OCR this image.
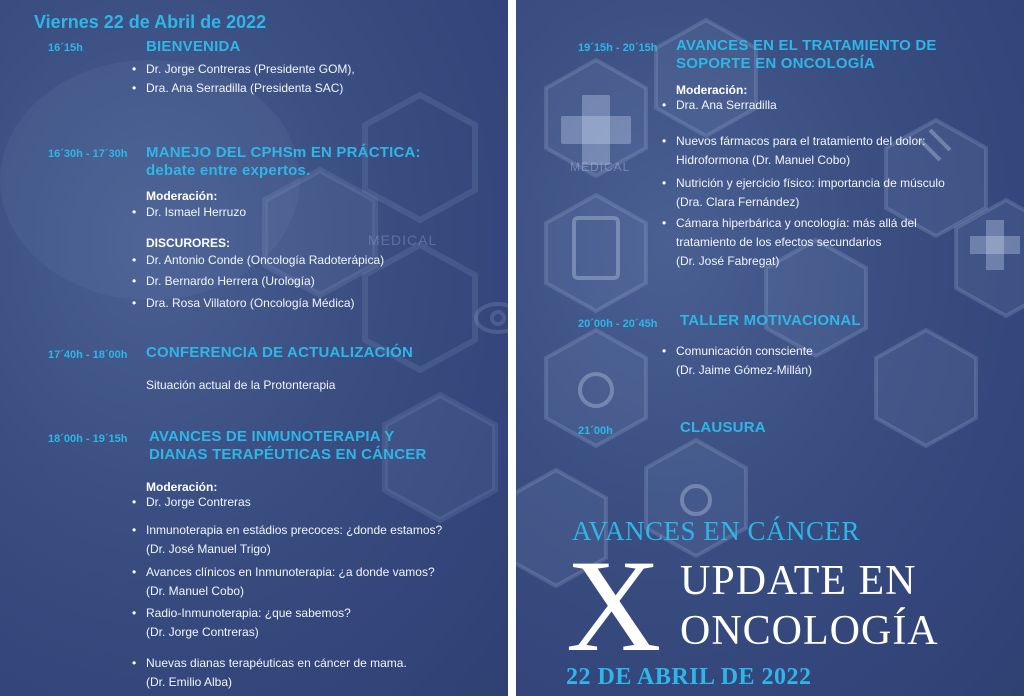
MEDICAL
Viernes 22 de Abril de 2022
16´15h	BIENVENIDA
• Dr. Jorge Contreras (Presidente GOM),
• Dra. Ana Serradilla (Presidenta SAC)
16´30h - 17´30h MANEJO DEL CPHSm EN PRÁCTICA:
debate entre expertos.
Moderación:
• Dr. Ismael Herruzo
DISCURORES:
• Dr. Antonio Conde (Oncología Radoterápica)
• Dr. Bernardo Herrera (Urología)
• Dra. Rosa Villatoro (Oncología Médica)
17´40h - 18´00h CONFERENCIA DE ACTUALIZACIÓN
Situación actual de la Protonterapia
18´00h - 19´15h AVANCES DE INMUNOTERAPIA Y
DIANAS TERAPÉUTICAS EN CÁNCER
Moderación:
• Dr. Jorge Contreras
• Inmunoterapia en estádios precoces: ¿donde estamos?
(Dr. José Manuel Trigo)
• Avances clínicos en Inmunoterapia: ¿a donde vamos?
(Dr. Manuel Cobo)
• Radio-Inmunoterapia: ¿que sabemos?
(Dr. Jorge Contreras)
• Nuevas dianas terapéuticas en cáncer de mama.
(Dr. Emilio Alba)
MEDICAL
19´15h - 20´15h AVANCES EN EL TRATAMIENTO DE
SOPORTE EN ONCOLOGÍA
Moderación:
• Dra. Ana Serradilla
• Nuevos fármacos para el tratamiento del dolor:
Hidroformona (Dr. Manuel Cobo)
• Nutrición y ejercicio físico: importancia de músculo
(Dra. Clara Fernández)
• Cámara hiperbárica y oncología: más allá del
tratamiento de los efectos secundarios
(Dr. José Fabregat)
20´00h - 20´45h TALLER MOTIVACIONAL
• Comunicación consciente
(Dr. Jaime Gómez-Millán)
21´00h	CLAUSURA
AVANCES EN CÁNCER
X UPDATE EN
ONCOLOGÍA
22 DE ABRIL DE 2022
